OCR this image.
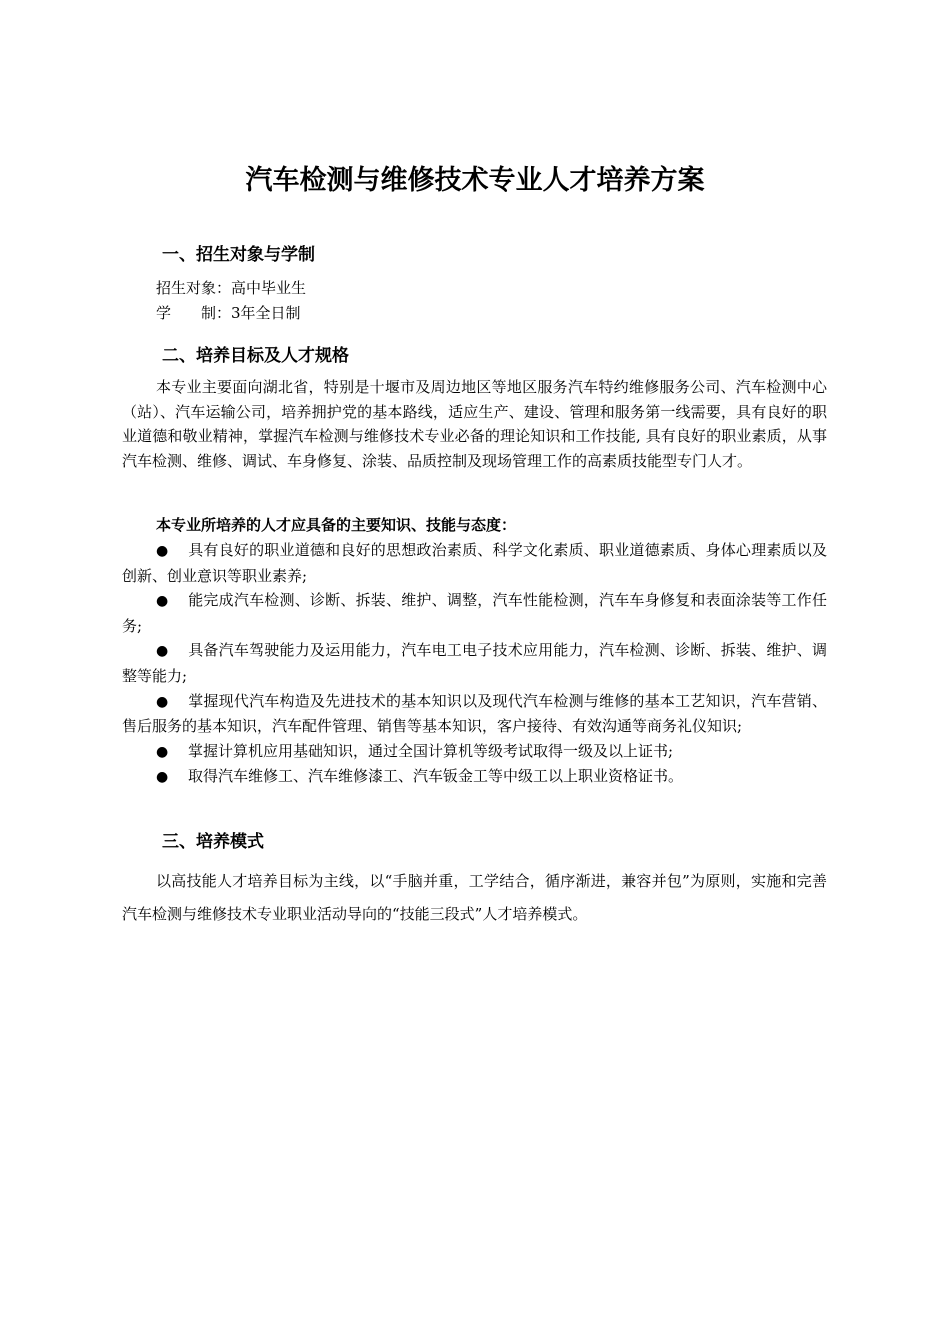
汽车检测与维修技术专业人才培养方案
一、招生对象与学制
招生对象：高中毕业生
学　　制：3年全日制
二、培养目标及人才规格
本专业主要面向湖北省，特别是十堰市及周边地区等地区服务汽车特约维修服务公司、汽车检测中心（站）、汽车运输公司，培养拥护党的基本路线，适应生产、建设、管理和服务第一线需要，具有良好的职业道德和敬业精神，掌握汽车检测与维修技术专业必备的理论知识和工作技能, 具有良好的职业素质，从事汽车检测、维修、调试、车身修复、涂装、品质控制及现场管理工作的高素质技能型专门人才。
本专业所培养的人才应具备的主要知识、技能与态度：
● 具有良好的职业道德和良好的思想政治素质、科学文化素质、职业道德素质、身体心理素质以及创新、创业意识等职业素养;
● 能完成汽车检测、诊断、拆装、维护、调整，汽车性能检测，汽车车身修复和表面涂装等工作任务;
● 具备汽车驾驶能力及运用能力，汽车电工电子技术应用能力，汽车检测、诊断、拆装、维护、调整等能力;
● 掌握现代汽车构造及先进技术的基本知识以及现代汽车检测与维修的基本工艺知识，汽车营销、售后服务的基本知识，汽车配件管理、销售等基本知识，客户接待、有效沟通等商务礼仪知识;
● 掌握计算机应用基础知识，通过全国计算机等级考试取得一级及以上证书;
● 取得汽车维修工、汽车维修漆工、汽车钣金工等中级工以上职业资格证书。
三、培养模式
以高技能人才培养目标为主线，以“手脑并重，工学结合，循序渐进，兼容并包”为原则，实施和完善汽车检测与维修技术专业职业活动导向的“技能三段式”人才培养模式。
